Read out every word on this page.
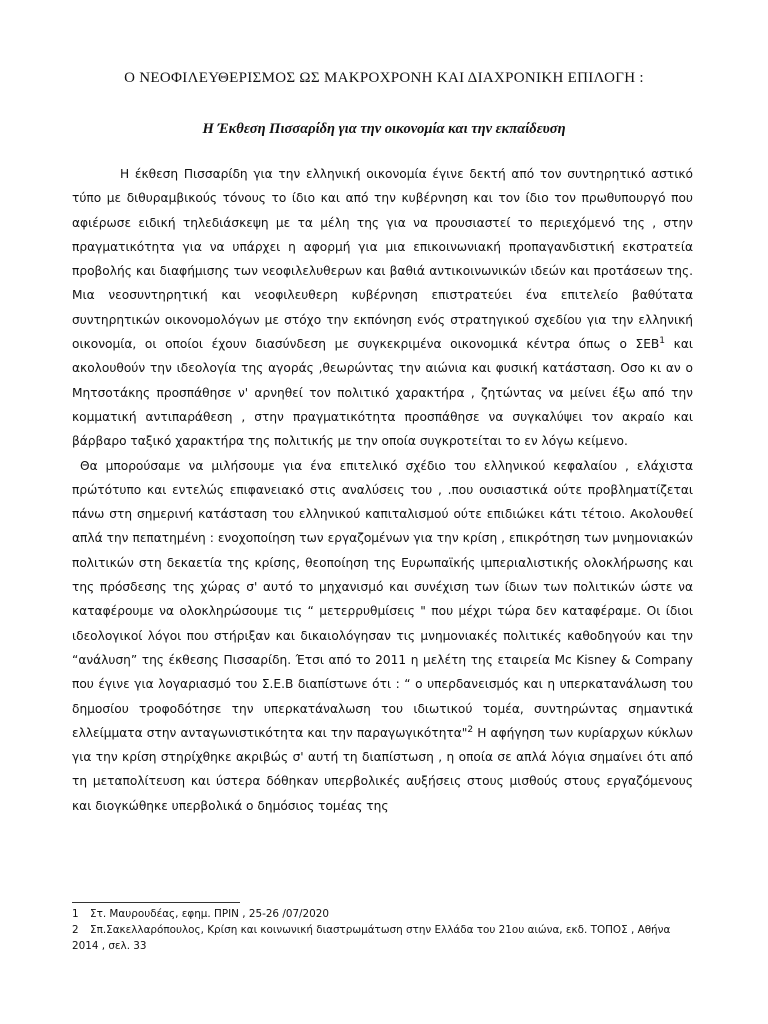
Ο ΝΕΟΦΙΛΕΥΘΕΡΙΣΜΟΣ ΩΣ ΜΑΚΡΟΧΡΟΝΗ ΚΑΙ ΔΙΑΧΡΟΝΙΚΗ ΕΠΙΛΟΓΗ :
Η Έκθεση Πισσαρίδη για την οικονομία και την εκπαίδευση

Η έκθεση Πισσαρίδη για την ελληνική οικονομία έγινε δεκτή από τον συντηρητικό αστικό τύπο με διθυραμβικούς τόνους το ίδιο και από την κυβέρνηση και τον ίδιο τον πρωθυπουργό που αφιέρωσε ειδική τηλεδιάσκεψη με τα μέλη της για να προυσιαστεί το περιεχόμενό της , στην πραγματικότητα για να υπάρχει η αφορμή για μια επικοινωνιακή προπαγανδιστική εκστρατεία προβολής και διαφήμισης των νεοφιλελυθερων και βαθιά αντικοινωνικών ιδεών και προτάσεων της. Μια νεοσυντηρητική και νεοφιλευθερη κυβέρνηση επιστρατεύει ένα επιτελείο βαθύτατα συντηρητικών οικονομολόγων με στόχο την εκπόνηση ενός στρατηγικού σχεδίου για την ελληνική οικονομία, οι οποίοι έχουν διασύνδεση με συγκεκριμένα οικονομικά κέντρα όπως ο ΣΕΒ$^1$ και ακολουθούν την ιδεολογία της αγοράς ,θεωρώντας την αιώνια και φυσική κατάσταση. Οσο κι αν ο Μητσοτάκης προσπάθησε ν' αρνηθεί τον πολιτικό χαρακτήρα , ζητώντας να μείνει έξω από την κομματική αντιπαράθεση , στην πραγματικότητα προσπάθησε να συγκαλύψει τον ακραίο και βάρβαρο ταξικό χαρακτήρα της πολιτικής με την οποία συγκροτείται το εν λόγω κείμενο.

Θα μπορούσαμε να μιλήσουμε για ένα επιτελικό σχέδιο του ελληνικού κεφαλαίου , ελάχιστα πρώτότυπο και εντελώς επιφανειακό στις αναλύσεις του , .που ουσιαστικά ούτε προβληματίζεται πάνω στη σημερινή κατάσταση του ελληνικού καπιταλισμού ούτε επιδιώκει κάτι τέτοιο. Ακολουθεί απλά την πεπατημένη : ενοχοποίηση των εργαζομένων για την κρίση , επικρότηση των μνημονιακών πολιτικών στη δεκαετία της κρίσης, θεοποίηση της Ευρωπαϊκής ιμπεριαλιστικής ολοκλήρωσης και της πρόσδεσης της χώρας σ' αυτό το μηχανισμό και συνέχιση των ίδιων των πολιτικών ώστε να καταφέρουμε να ολοκληρώσουμε τις “ μετερρυθμίσεις " που μέχρι τώρα δεν καταφέραμε. Οι ίδιοι ιδεολογικοί λόγοι που στήριξαν και δικαιολόγησαν τις μνημονιακές πολιτικές καθοδηγούν και την “ανάλυση” της έκθεσης Πισσαρίδη. Έτσι από το 2011 η μελέτη της εταιρεία Mc Kisney & Company που έγινε για λογαριασμό του Σ.Ε.Β διαπίστωνε ότι : “ ο υπερδανεισμός και η υπερκατανάλωση του δημοσίου τροφοδότησε την υπερκατάναλωση του ιδιωτικού τομέα, συντηρώντας σημαντικά ελλείμματα στην ανταγωνιστικότητα και την παραγωγικότητα"$^2$ Η αφήγηση των κυρίαρχων κύκλων για την κρίση στηρίχθηκε ακριβώς σ' αυτή τη διαπίστωση , η οποία σε απλά λόγια σημαίνει ότι από τη μεταπολίτευση και ύστερα δόθηκαν υπερβολικές αυξήσεις στους μισθούς στους εργαζόμενους και διογκώθηκε υπερβολικά ο δημόσιος τομέας της

1 Στ. Μαυρουδέας, εφημ. ΠΡΙΝ , 25-26 /07/2020
2 Σπ.Σακελλαρόπουλος, Κρίση και κοινωνική διαστρωμάτωση στην Ελλάδα του 21ου αιώνα, εκδ. ΤΟΠΟΣ , Αθήνα 2014 , σελ. 33
